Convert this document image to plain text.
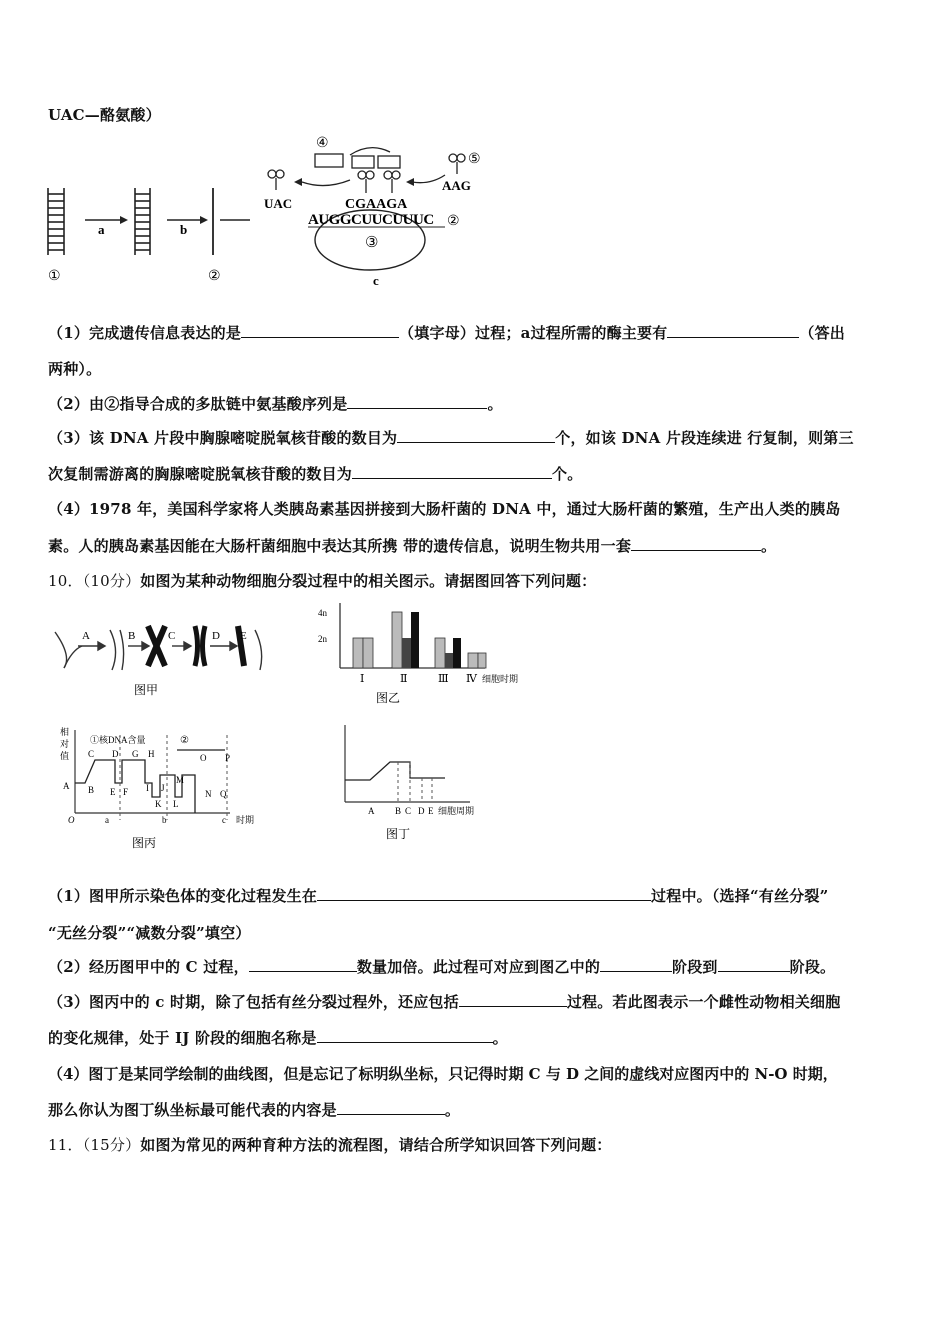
UAC—酪氨酸）
①
a	b
②
③
c
AUGGCUUCUUUC ②
CGAAGA
④
UAC
⑤
AAG
（1）完成遗传信息表达的是	（填字母）过程；a过程所需的酶主要有	（答出
两种）。
（2）由②指导合成的多肽链中氨基酸序列是	。
（3）该 DNA 片段中胸腺嘧啶脱氧核苷酸的数目为	个，如该 DNA 片段连续进 行复制，则第三
次复制需游离的胸腺嘧啶脱氧核苷酸的数目为	个。
（4）1978 年，美国科学家将人类胰岛素基因拼接到大肠杆菌的 DNA 中，通过大肠杆菌的繁殖，生产出人类的胰岛
素。人的胰岛素基因能在大肠杆菌细胞中表达其所携 带的遗传信息，说明生物共用一套	。
10．（10分）如图为某种动物细胞分裂过程中的相关图示。请据图回答下列问题：
A	B	C	D E
图甲
4n
2n
Ⅰ	Ⅱ	Ⅲ Ⅳ 细胞时期
图乙
相
对
值
①核DNA含量	②
A B
C D
E F
G H
I J
K L
M
N
O P
Q
O	a	b	c 时期
图丙
A B C D E 细胞周期
图丁
（1）图甲所示染色体的变化过程发生在	过程中。（选择“有丝分裂”
“无丝分裂”“减数分裂”填空）
（2）经历图甲中的 C 过程，	数量加倍。此过程可对应到图乙中的	阶段到	阶段。
（3）图丙中的 c 时期，除了包括有丝分裂过程外，还应包括	过程。若此图表示一个雌性动物相关细胞
的变化规律，处于 IJ 阶段的细胞名称是	。
（4）图丁是某同学绘制的曲线图，但是忘记了标明纵坐标，只记得时期 C 与 D 之间的虚线对应图丙中的 N-O 时期，
那么你认为图丁纵坐标最可能代表的内容是	。
11．（15分）如图为常见的两种育种方法的流程图，请结合所学知识回答下列问题：
